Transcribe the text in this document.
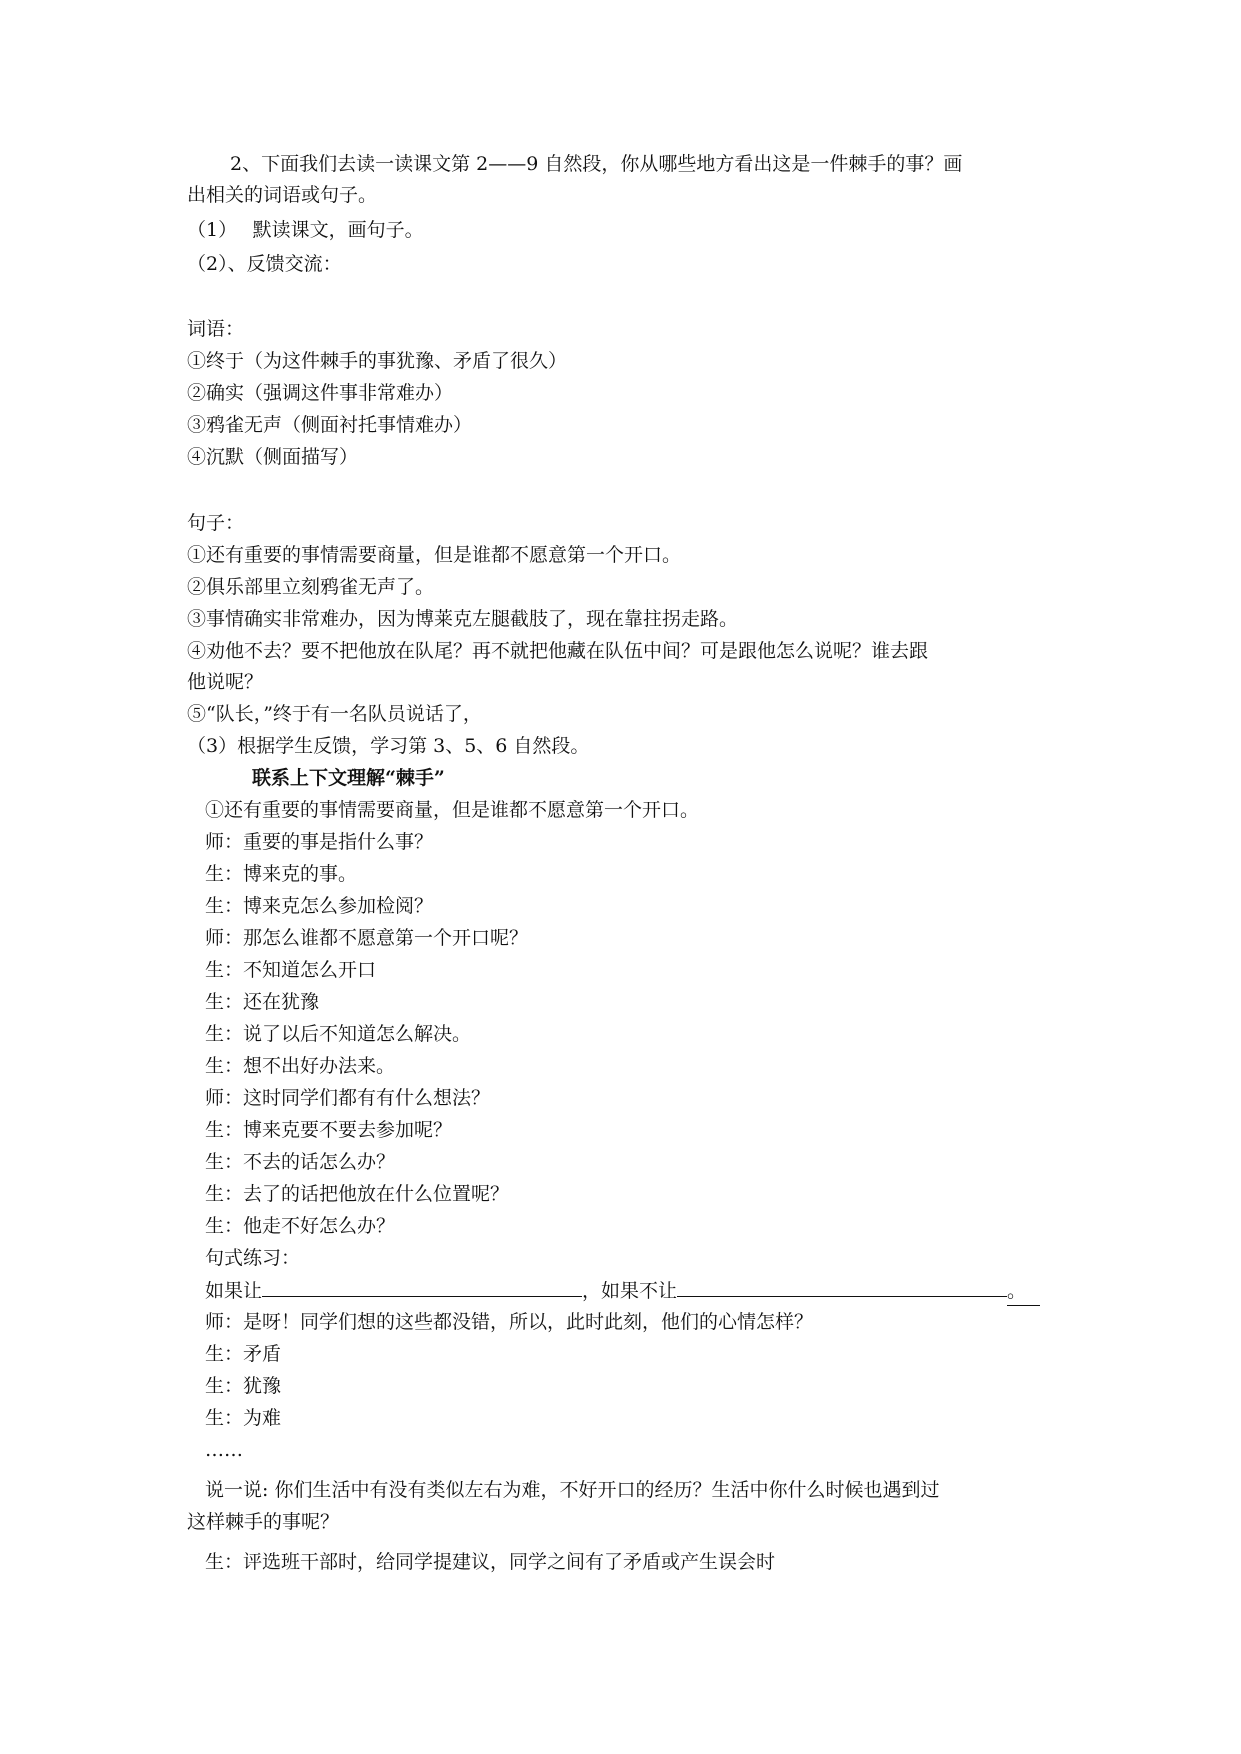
2、下面我们去读一读课文第 2——9 自然段，你从哪些地方看出这是一件棘手的事？画
出相关的词语或句子。
（1）　 默读课文，画句子。
（2）、反馈交流：
词语：
①终于（为这件棘手的事犹豫、矛盾了很久）
②确实（强调这件事非常难办）
③鸦雀无声（侧面衬托事情难办）
④沉默（侧面描写）
句子：
①还有重要的事情需要商量，但是谁都不愿意第一个开口。
②俱乐部里立刻鸦雀无声了。
③事情确实非常难办，因为博莱克左腿截肢了，现在靠拄拐走路。
④劝他不去？要不把他放在队尾？再不就把他藏在队伍中间？可是跟他怎么说呢？谁去跟
他说呢？
⑤“队长，”终于有一名队员说话了，
（3）根据学生反馈，学习第 3、5、6 自然段。
联系上下文理解“棘手”
①还有重要的事情需要商量，但是谁都不愿意第一个开口。
师：重要的事是指什么事？
生：博来克的事。
生：博来克怎么参加检阅？
师：那怎么谁都不愿意第一个开口呢？
生：不知道怎么开口
生：还在犹豫
生：说了以后不知道怎么解决。
生：想不出好办法来。
师：这时同学们都有有什么想法？
生：博来克要不要去参加呢？
生：不去的话怎么办？
生：去了的话把他放在什么位置呢？
生：他走不好怎么办？
句式练习：
如果让	，如果不让	。
师：是呀！同学们想的这些都没错，所以，此时此刻，他们的心情怎样？
生：矛盾
生：犹豫
生：为难
……
说一说: 你们生活中有没有类似左右为难，不好开口的经历？生活中你什么时候也遇到过
这样棘手的事呢？
生：评选班干部时，给同学提建议，同学之间有了矛盾或产生误会时
